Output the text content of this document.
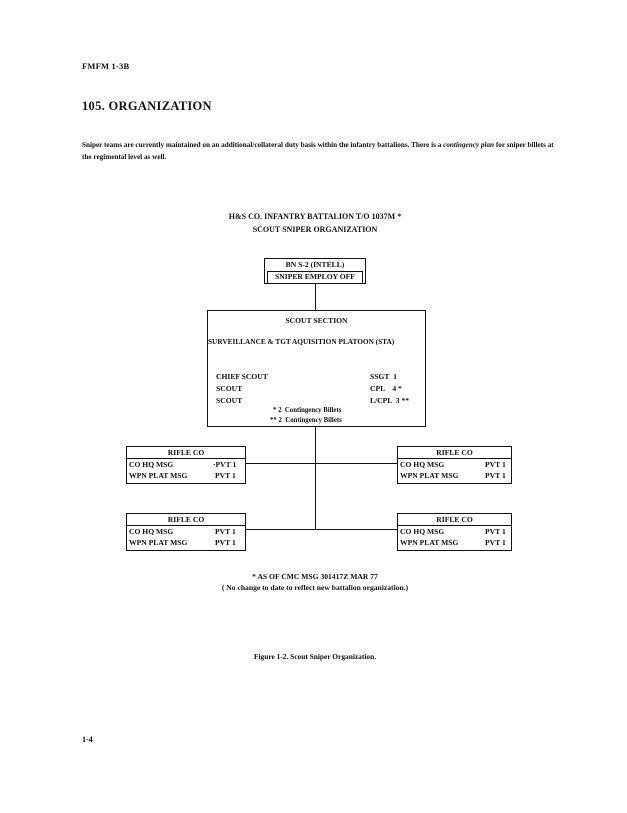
FMFM 1-3B
105. ORGANIZATION
Sniper teams are currently maintained on an additional/collateral duty basis within the infantry battalions. There is a contingency plan for sniper billets at the regimental level as well.
H&S CO. INFANTRY BATTALION T/O 1037M *
SCOUT SNIPER ORGANIZATION
BN S-2 (INTELL)
SNIPER EMPLOY OFF
SCOUT SECTION
SURVEILLANCE & TGT AQUISITION PLATOON (STA)
CHIEF SCOUT	SSGT  1
SCOUT	CPL    4 *
SCOUT	L/CPL  3 **
* 2  Contingency Billets
** 2  Contingency Billets
RIFLE CO
CO HQ MSG	·PVT 1
WPN PLAT MSG	PVT 1
RIFLE CO
CO HQ MSG	PVT 1
WPN PLAT MSG	PVT 1
RIFLE CO
CO HQ MSG	PVT 1
WPN PLAT MSG	PVT 1
RIFLE CO
CO HQ MSG	PVT 1
WPN PLAT MSG	PVT 1
* AS OF CMC MSG 301417Z MAR 77
( No change to date to reflect new battalion organization.)
Figure 1-2. Scout Sniper Organization.
1-4
